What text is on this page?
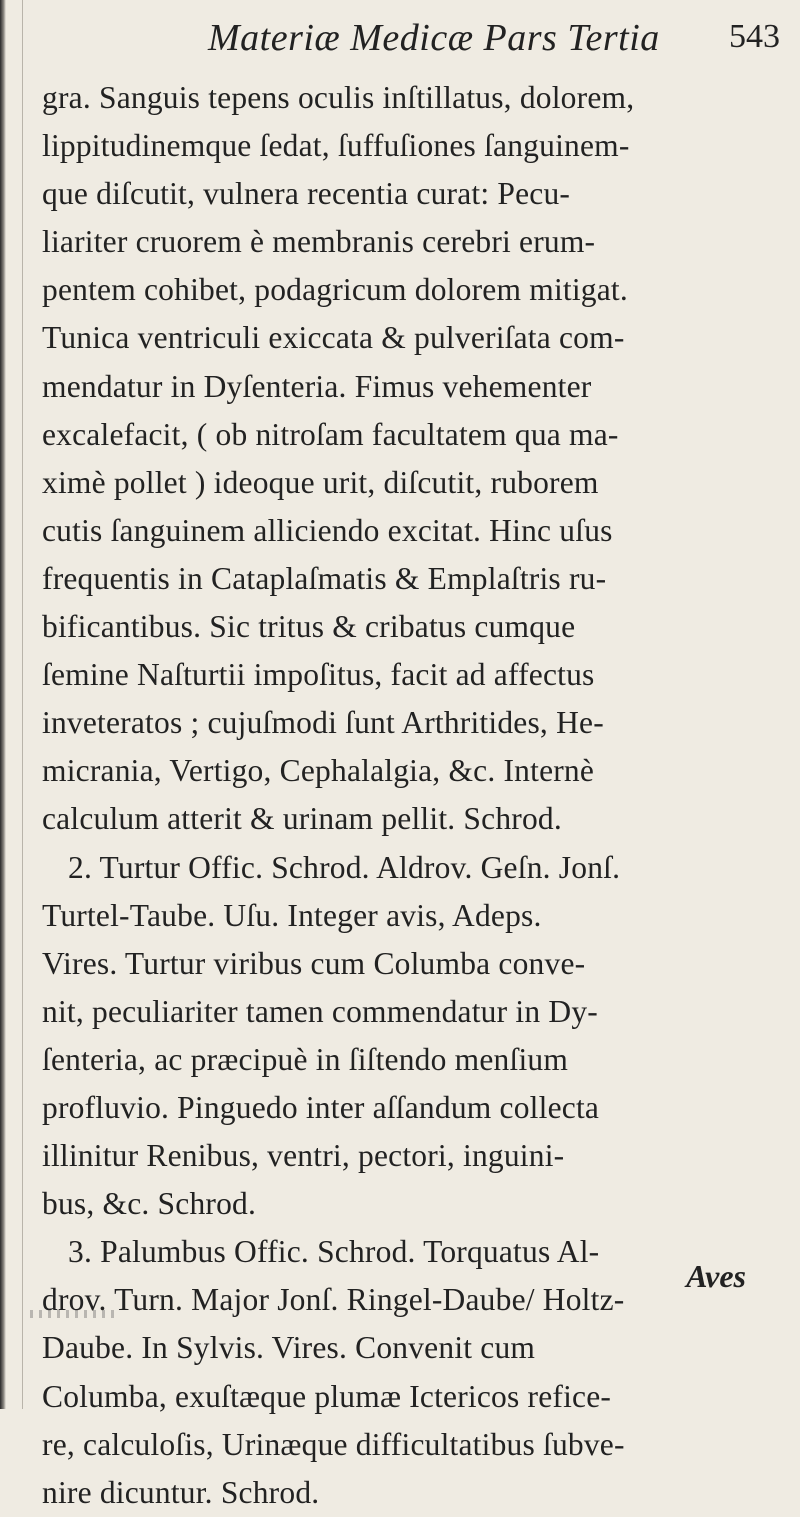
Materiæ Medicæ Pars Tertia 543
gra. Sanguis tepens oculis inſtillatus, dolorem,
lippitudinemque ſedat, ſuffuſiones ſanguinem-
que diſcutit, vulnera recentia curat: Pecu-
liariter cruorem è membranis cerebri erum-
pentem cohibet, podagricum dolorem mitigat.
Tunica ventriculi exiccata & pulveriſata com-
mendatur in Dyſenteria. Fimus vehementer
excalefacit, ( ob nitroſam facultatem qua ma-
ximè pollet ) ideoque urit, diſcutit, ruborem
cutis ſanguinem alliciendo excitat. Hinc uſus
frequentis in Cataplaſmatis & Emplaſtris ru-
bificantibus. Sic tritus & cribatus cumque
ſemine Naſturtii impoſitus, facit ad affectus
inveteratos ; cujuſmodi ſunt Arthritides, He-
micrania, Vertigo, Cephalalgia, &c. Internè
calculum atterit & urinam pellit. Schrod.
2. Turtur Offic. Schrod. Aldrov. Geſn. Jonſ.
Turtel-Taube. Uſu. Integer avis, Adeps.
Vires. Turtur viribus cum Columba conve-
nit, peculiariter tamen commendatur in Dy-
ſenteria, ac præcipuè in ſiſtendo menſium
profluvio. Pinguedo inter aſſandum collecta
illinitur Renibus, ventri, pectori, inguini-
bus, &c. Schrod.
3. Palumbus Offic. Schrod. Torquatus Al-
drov. Turn. Major Jonſ. Ringel-Daube/ Holtz-
Daube. In Sylvis. Vires. Convenit cum
Columba, exuſtæque plumæ Ictericos refice-
re, calculoſis, Urinæque difficultatibus ſubve-
nire dicuntur. Schrod.
Aves
